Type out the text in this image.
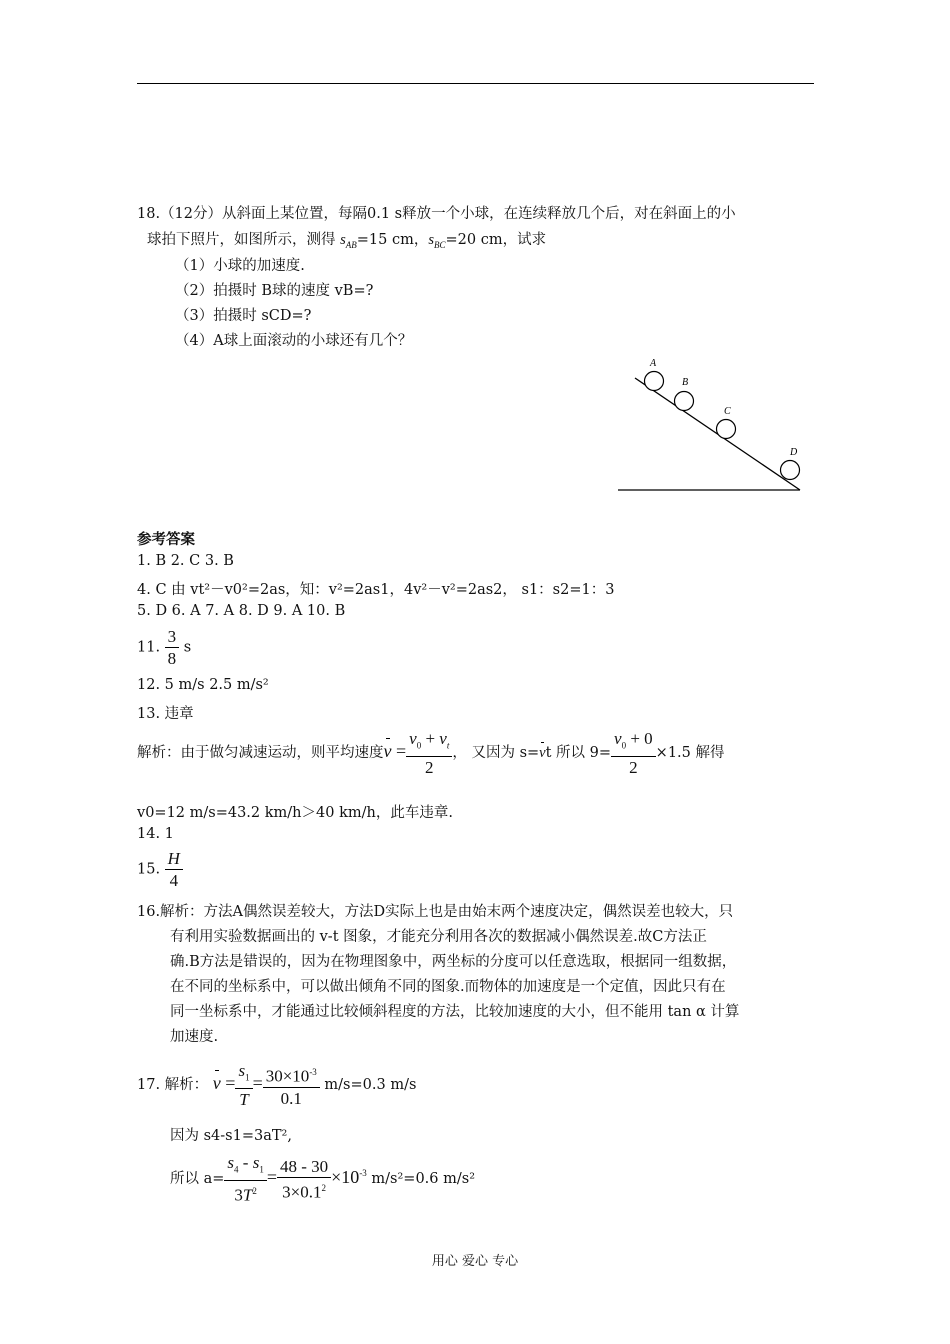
18.（12分）从斜面上某位置，每隔0.1 s释放一个小球，在连续释放几个后，对在斜面上的小
球拍下照片，如图所示，测得 $s_{AB}=15$ cm，$s_{BC}=20$ cm，试求
（1）小球的加速度.
（2）拍摄时 B球的速度 vB=?
（3）拍摄时 sCD=?
（4）A球上面滚动的小球还有几个？
A
B
C
D
参考答案
1. B 2. C 3. B
4. C 由 vt²－v0²=2as，知：v²=2as1，4v²－v²=2as2， s1：s2=1：3
5. D 6. A 7. A 8. D 9. A 10. B
11. $\frac{3}{8}$ s
12. 5 m/s 2.5 m/s²
13. 违章
解析：由于做匀减速运动，则平均速度$v = \frac{v_0 + v_t}{2}$ ， 又因为 s=vt 所以 $9= \frac{v_0 + 0}{2} \times 1.5$ 解得
v0=12 m/s=43.2 km/h＞40 km/h，此车违章.
14. 1
15. $\frac{H}{4}$
16.解析：方法A偶然误差较大，方法D实际上也是由始末两个速度决定，偶然误差也较大，只
有利用实验数据画出的 v-t 图象，才能充分利用各次的数据减小偶然误差.故C方法正
确.B方法是错误的，因为在物理图象中，两坐标的分度可以任意选取，根据同一组数据，
在不同的坐标系中，可以做出倾角不同的图象.而物体的加速度是一个定值，因此只有在
同一坐标系中，才能通过比较倾斜程度的方法，比较加速度的大小，但不能用 tan α 计算
加速度.
17. 解析： $v = \frac{s_1}{T} = \frac{30\times 10^{-3}}{0.1} m/s=0.3$ m/s
因为 s4-s1=3aT²,
所以 $a= \frac{s_4 - s_1}{3T^2} = \frac{48 - 30}{3\times 0.1^2} \times 10^{-3}$ m/s²=0.6 m/s²
用心 爱心 专心
